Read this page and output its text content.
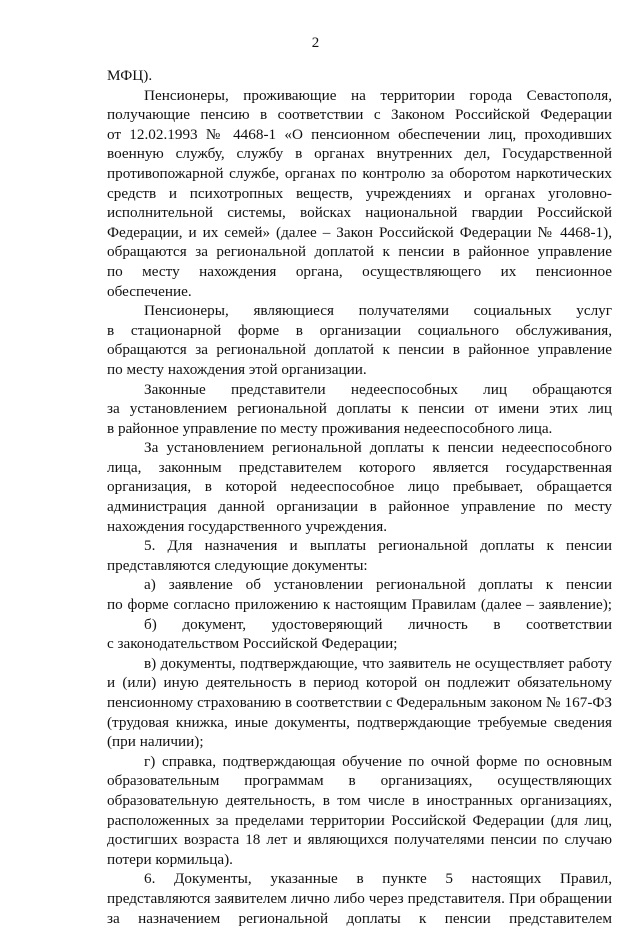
2
МФЦ).
Пенсионеры, проживающие на территории города Севастополя,
получающие пенсию в соответствии с Законом Российской Федерации
от 12.02.1993 № 4468-1 «О пенсионном обеспечении лиц, проходивших
военную службу, службу в органах внутренних дел, Государственной
противопожарной службе, органах по контролю за оборотом наркотических
средств и психотропных веществ, учреждениях и органах уголовно-
исполнительной системы, войсках национальной гвардии Российской
Федерации, и их семей» (далее – Закон Российской Федерации № 4468-1),
обращаются за региональной доплатой к пенсии в районное управление
по месту нахождения органа, осуществляющего их пенсионное
обеспечение.
Пенсионеры, являющиеся получателями социальных услуг
в стационарной форме в организации социального обслуживания,
обращаются за региональной доплатой к пенсии в районное управление
по месту нахождения этой организации.
Законные представители недееспособных лиц обращаются
за установлением региональной доплаты к пенсии от имени этих лиц
в районное управление по месту проживания недееспособного лица.
За установлением региональной доплаты к пенсии недееспособного
лица, законным представителем которого является государственная
организация, в которой недееспособное лицо пребывает, обращается
администрация данной организации в районное управление по месту
нахождения государственного учреждения.
5. Для назначения и выплаты региональной доплаты к пенсии
представляются следующие документы:
а) заявление об установлении региональной доплаты к пенсии
по форме согласно приложению к настоящим Правилам (далее – заявление);
б) документ, удостоверяющий личность в соответствии
с законодательством Российской Федерации;
в) документы, подтверждающие, что заявитель не осуществляет работу
и (или) иную деятельность в период которой он подлежит обязательному
пенсионному страхованию в соответствии с Федеральным законом № 167-ФЗ
(трудовая книжка, иные документы, подтверждающие требуемые сведения
(при наличии);
г) справка, подтверждающая обучение по очной форме по основным
образовательным программам в организациях, осуществляющих
образовательную деятельность, в том числе в иностранных организациях,
расположенных за пределами территории Российской Федерации (для лиц,
достигших возраста 18 лет и являющихся получателями пенсии по случаю
потери кормильца).
6. Документы, указанные в пункте 5 настоящих Правил,
представляются заявителем лично либо через представителя. При обращении
за назначением региональной доплаты к пенсии представителем
